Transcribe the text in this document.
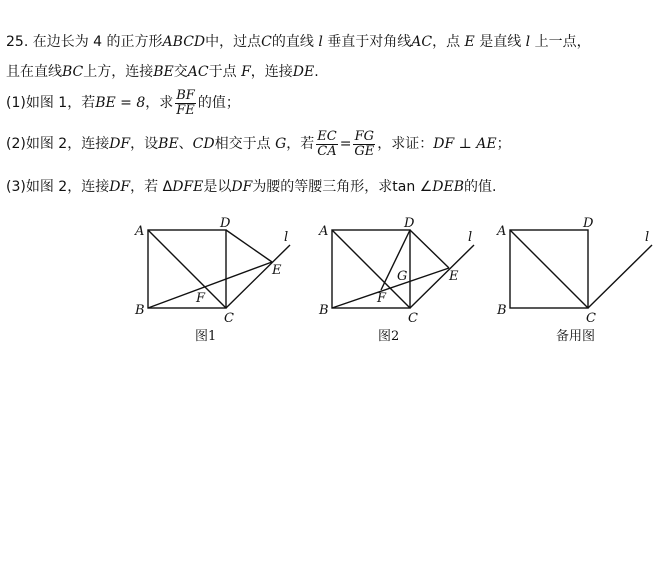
25. 在边长为 4 的正方形ABCD中，过点C的直线 l 垂直于对角线AC，点 E 是直线 l 上一点，
且在直线BC上方，连接BE交AC于点 F，连接DE.
(1)如图 1，若BE = 8，求 $\frac{BF}{FE}$ 的值；
(2)如图 2，连接DF，设BE、CD相交于点 G，若 $\frac{EC}{CA} = \frac{FG}{GE}$ ，求证：DF ⊥ AE；
(3)如图 2，连接DF，若 ΔDFE是以DF为腰的等腰三角形，求tan ∠DEB的值.
A
D
B
C
E
F
l
图1
A
D
B
C
E
F
G
l
图2
A
D
B
C
l
备用图
